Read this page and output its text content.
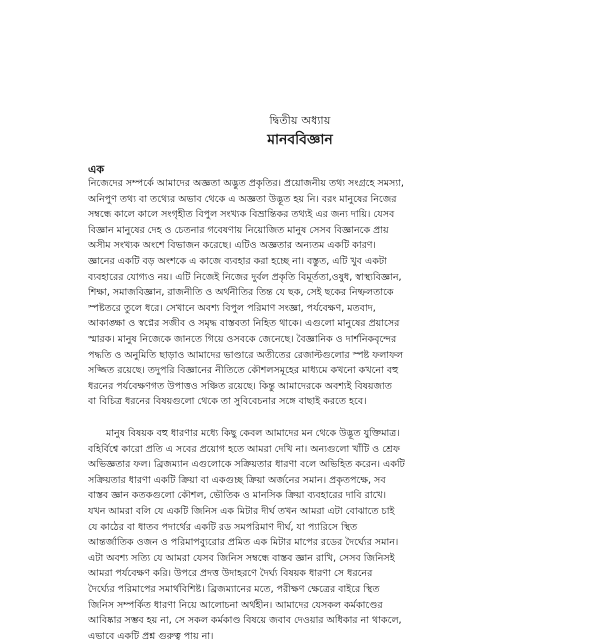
দ্বিতীয় অধ্যায়
মানববিজ্ঞান
এক
নিজেদের সম্পর্কে আমাদের অজ্ঞতা অদ্ভুত প্রকৃতির। প্রয়োজনীয় তথ্য সংগ্রহে সমস্যা,
অনিপুণ তথ্য বা তথ্যের অভাব থেকে এ অজ্ঞতা উদ্ভূত হয় নি। বরং মানুষের নিজের
সম্বন্ধে কালে কালে সংগৃহীত বিপুল সংখ্যক বিভ্রান্তিকর তথ্যই এর জন্য দায়ি। যেসব
বিজ্ঞান মানুষের দেহ ও চেতনার গবেষণায় নিয়োজিত মানুষ সেসব বিজ্ঞানকে প্রায়
অসীম সংখ্যক অংশে বিভাজন করেছে। এটিও অজ্ঞতার অন্যতম একটি কারণ।
জ্ঞানের একটি বড় অংশকে এ কাজে ব্যবহার করা হচ্ছে না। বস্তুত, এটি খুব একটা
ব্যবহারের যোগ্যও নয়। এটি নিজেই নিজের দুর্বল প্রকৃতি বিমূর্ততা,ওষুধ, স্বাস্থ্যবিজ্ঞান,
শিক্ষা, সমাজবিজ্ঞান, রাজনীতি ও অর্থনীতির তিন্ত যে ছক, সেই ছকের নিষ্ফলতাকে
স্পষ্টতরে তুলে ধরে। সেখানে অবশ্য বিপুল পরিমাণ সংজ্ঞা, পর্যবেক্ষণ, মতবাদ,
আকাঙ্ক্ষা ও স্বপ্নের সজীব ও সমৃদ্ধ বাস্তবতা নিহিত থাকে। এগুলো মানুষের প্রয়াসের
স্মারক। মানুষ নিজেকে জানতে গিয়ে ওসবকে জেনেছে। বৈজ্ঞানিক ও দার্শনিকবৃন্দের
পদ্ধতি ও অনুমিতি ছাড়াও আমাদের ভাণ্ডারে অতীতের রেজাল্টগুলোর স্পষ্ট ফলাফল
সজ্জিত রয়েছে। তদুপরি বিজ্ঞানের নীতিতে কৌশলসমূহের মাধ্যমে কখনো কখনো বহু
ধরনের পর্যবেক্ষণগত উপাত্তও সঞ্চিত রয়েছে। কিন্তু আমাদেরকে অবশ্যই বিষয়জাত
বা বিচিত্র ধরনের বিষয়গুলো থেকে তা সুবিবেচনার সঙ্গে বাছাই করতে হবে।
মানুষ বিষয়ক বহু ধারণার মধ্যে কিছু কেবল আমাদের মন থেকে উদ্ভূত যুক্তিমাত্র।
বহির্বিশ্বে কারো প্রতি এ সবের প্রয়োগ হতে আমরা দেখি না। অন্যগুলো খাঁটি ও শ্রেফ
অভিজ্ঞতার ফল। ব্রিজম্যান এগুলোকে সক্রিয়তার ধারণা বলে অভিহিত করেন। একটি
সক্রিয়তার ধারণা একটি ক্রিয়া বা একগুচ্ছ ক্রিয়া অর্জনের সমান। প্রকৃতপক্ষে, সব
বাস্তব জ্ঞান কতকগুলো কৌশল, ভৌতিক ও মানসিক ক্রিয়া ব্যবহারের দাবি রাখে।
যখন আমরা বলি যে একটি জিনিস এক মিটার দীর্ঘ তখন আমরা এটা বোঝাতে চাই
যে কাঠের বা ধাতব পদার্থের একটি রড সমপরিমাণ দীর্ঘ, যা প্যারিসে স্থিত
আন্তর্জাতিক ওজন ও পরিমাপব্যুরোর প্রমিত এক মিটার মাপের রডের দৈর্ঘ্যের সমান।
এটা অবশ্য সত্যি যে আমরা যেসব জিনিস সম্বন্ধে বাস্তব জ্ঞান রাখি, সেসব জিনিসই
আমরা পর্যবেক্ষণ করি। উপরে প্রদত্ত উদাহরণে দৈর্ঘ্য বিষয়ক ধারণা সে ধরনের
দৈর্ঘ্যের পরিমাপের সমার্থবিশিষ্ট। ব্রিজম্যানের মতে, পরীক্ষণ ক্ষেত্রের বাইরে স্থিত
জিনিস সম্পর্কিত ধারণা নিয়ে আলোচনা অর্থহীন। আমাদের যেসকল কর্মকাণ্ডের
আবিষ্কার সম্ভব হয় না, সে সকল কর্মকাণ্ড বিষয়ে জবাব দেওয়ার অধিকার না থাকলে,
এভাবে একটি প্রশ্ন গুরুত্ব পায় না।
